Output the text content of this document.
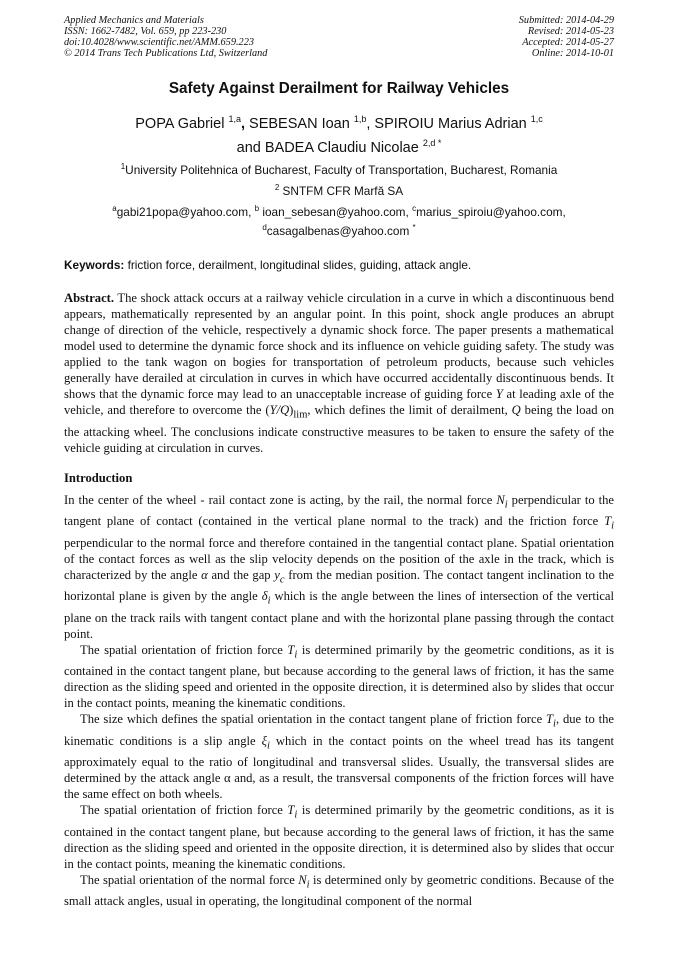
Applied Mechanics and Materials
ISSN: 1662-7482, Vol. 659, pp 223-230
doi:10.4028/www.scientific.net/AMM.659.223
© 2014 Trans Tech Publications Ltd, Switzerland
Submitted: 2014-04-29
Revised: 2014-05-23
Accepted: 2014-05-27
Online: 2014-10-01
Safety Against Derailment for Railway Vehicles
POPA Gabriel $^{1,a}$, SEBESAN Ioan $^{1,b}$, SPIROIU Marius Adrian $^{1,c}$
and BADEA Claudiu Nicolae $^{2,d *}$
$^1$University Politehnica of Bucharest, Faculty of Transportation, Bucharest, Romania
$^2$ SNTFM CFR Marfă SA
$^a$gabi21popa@yahoo.com, $^b$ ioan_sebesan@yahoo.com, $^c$marius_spiroiu@yahoo.com,
$^d$casagalbenas@yahoo.com *
Keywords: friction force, derailment, longitudinal slides, guiding, attack angle.
Abstract. The shock attack occurs at a railway vehicle circulation in a curve in which a discontinuous bend appears, mathematically represented by an angular point. In this point, shock angle produces an abrupt change of direction of the vehicle, respectively a dynamic shock force. The paper presents a mathematical model used to determine the dynamic force shock and its influence on vehicle guiding safety. The study was applied to the tank wagon on bogies for transportation of petroleum products, because such vehicles generally have derailed at circulation in curves in which have occurred accidentally discontinuous bends. It shows that the dynamic force may lead to an unacceptable increase of guiding force Y at leading axle of the vehicle, and therefore to overcome the $(Y/Q)_{lim}$, which defines the limit of derailment, Q being the load on the attacking wheel. The conclusions indicate constructive measures to be taken to ensure the safety of the vehicle guiding at circulation in curves.
Introduction

In the center of the wheel - rail contact zone is acting, by the rail, the normal force $N_i$ perpendicular to the tangent plane of contact (contained in the vertical plane normal to the track) and the friction force $T_i$ perpendicular to the normal force and therefore contained in the tangential contact plane. Spatial orientation of the contact forces as well as the slip velocity depends on the position of the axle in the track, which is characterized by the angle α and the gap $y_c$ from the median position. The contact tangent inclination to the horizontal plane is given by the angle $\delta_i$ which is the angle between the lines of intersection of the vertical plane on the track rails with tangent contact plane and with the horizontal plane passing through the contact point.

The spatial orientation of friction force $T_i$ is determined primarily by the geometric conditions, as it is contained in the contact tangent plane, but because according to the general laws of friction, it has the same direction as the sliding speed and oriented in the opposite direction, it is determined also by slides that occur in the contact points, meaning the kinematic conditions.

The size which defines the spatial orientation in the contact tangent plane of friction force $T_i$, due to the kinematic conditions is a slip angle $\xi_i$ which in the contact points on the wheel tread has its tangent approximately equal to the ratio of longitudinal and transversal slides. Usually, the transversal slides are determined by the attack angle α and, as a result, the transversal components of the friction forces will have the same effect on both wheels.

The spatial orientation of friction force $T_i$ is determined primarily by the geometric conditions, as it is contained in the contact tangent plane, but because according to the general laws of friction, it has the same direction as the sliding speed and oriented in the opposite direction, it is determined also by slides that occur in the contact points, meaning the kinematic conditions.

The spatial orientation of the normal force $N_i$ is determined only by geometric conditions. Because of the small attack angles, usual in operating, the longitudinal component of the normal
